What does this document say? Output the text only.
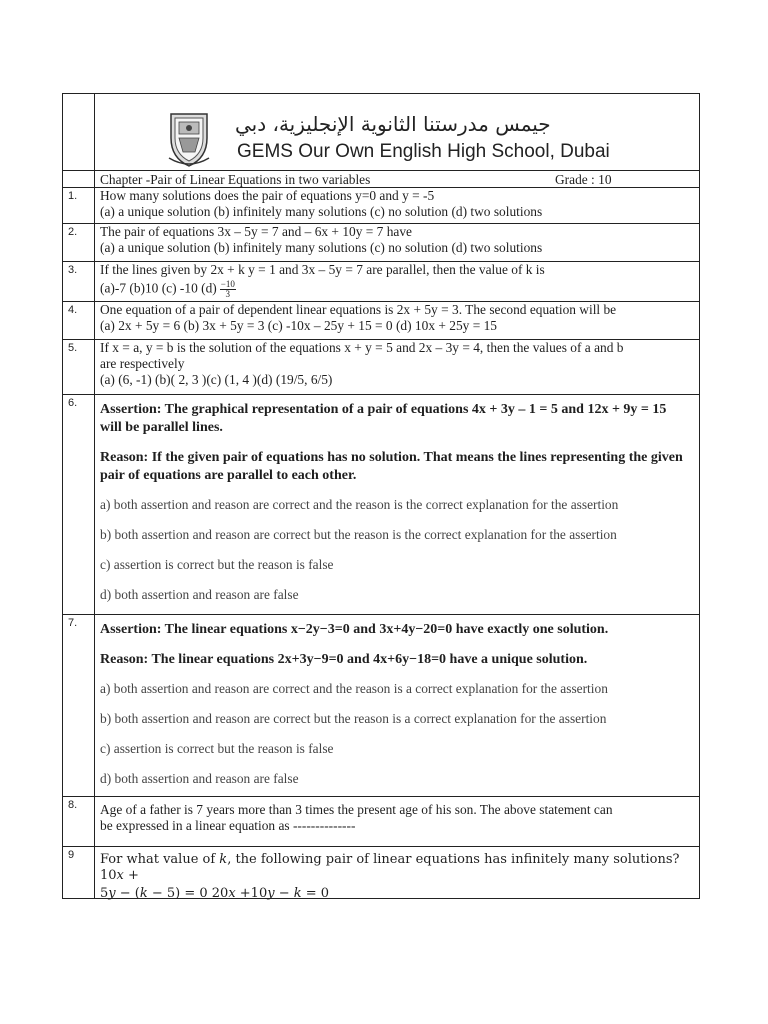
جيمس مدرستنا الثانوية الإنجليزية، دبي
GEMS Our Own English High School, Dubai
Chapter -Pair of Linear Equations in two variables	Grade : 10
1. How many solutions does the pair of equations y=0 and y = -5

(a) a unique solution (b) infinitely many solutions (c) no solution (d) two solutions

2. The pair of equations 3x – 5y = 7 and – 6x + 10y = 7 have

(a) a unique solution (b) infinitely many solutions (c) no solution (d) two solutions

3. If the lines given by 2x + k y = 1 and 3x – 5y = 7 are parallel, then the value of k is

(a)-7 (b)10 (c) -10 $(d) \frac{-10}{3}$

4. One equation of a pair of dependent linear equations is 2x + 5y = 3. The second equation will be

(a) 2x + 5y = 6 (b) 3x + 5y = 3 (c) -10x – 25y + 15 = 0 (d) 10x + 25y = 15

5. If x = a, y = b is the solution of the equations x + y = 5 and 2x – 3y = 4, then the values of a and b

are respectively

(a) (6, -1) (b)( 2, 3 )(c) (1, 4 )(d) (19/5, 6/5)

6. Assertion: The graphical representation of a pair of equations 4x + 3y – 1 = 5 and 12x + 9y = 15 will be parallel lines.

Reason: If the given pair of equations has no solution. That means the lines representing the given pair of equations are parallel to each other.

a) both assertion and reason are correct and the reason is the correct explanation for the assertion

b) both assertion and reason are correct but the reason is the correct explanation for the assertion

c) assertion is correct but the reason is false

d) both assertion and reason are false

7. Assertion: The linear equations x−2y−3=0 and 3x+4y−20=0 have exactly one solution.

Reason: The linear equations 2x+3y−9=0 and 4x+6y−18=0 have a unique solution.

a) both assertion and reason are correct and the reason is a correct explanation for the assertion

b) both assertion and reason are correct but the reason is a correct explanation for the assertion

c) assertion is correct but the reason is false

d) both assertion and reason are false

8. Age of a father is 7 years more than 3 times the present age of his son. The above statement can

be expressed in a linear equation as --------------

9 For what value of 𝑘, the following pair of linear equations has infinitely many solutions? 10𝑥 +

5𝑦 − (𝑘 − 5) = 0 20𝑥 +10𝑦 − 𝑘 = 0
